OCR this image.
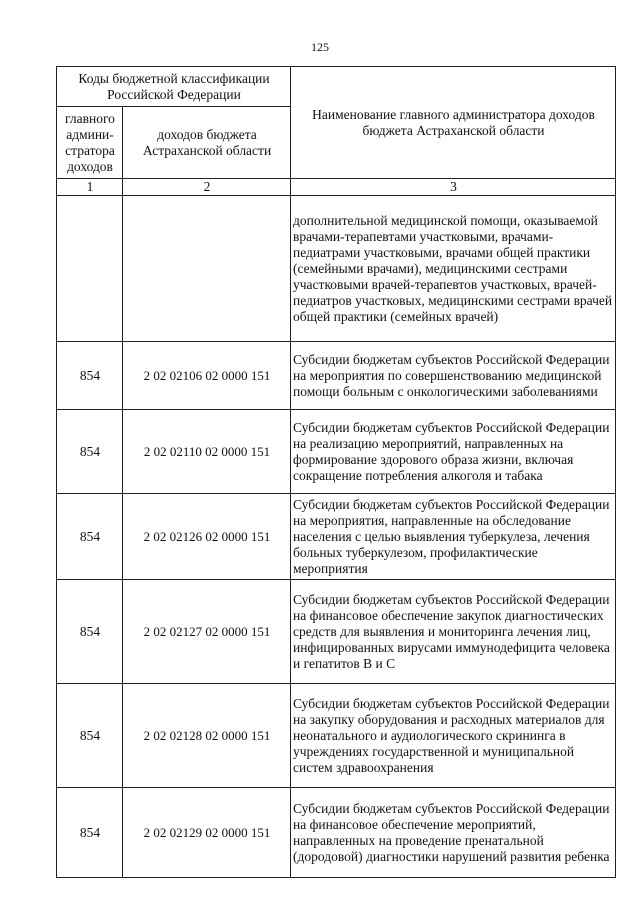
125
Коды бюджетной классификации Российской Федерации		Наименование главного администратора доходов бюджета Астраханской области
главного админи-стратора доходов	доходов бюджета Астраханской области	
1	2	3
		дополнительной медицинской помощи, оказываемой врачами-терапевтами участковыми, врачами-педиатрами участковыми, врачами общей практики (семейными врачами), медицинскими сестрами участковыми врачей-терапевтов участковых, врачей-педиатров участковых, медицинскими сестрами врачей общей практики (семейных врачей)
854	2 02 02106 02 0000 151	Субсидии бюджетам субъектов Российской Федерации на мероприятия по совершенствованию медицинской помощи больным с онкологическими заболеваниями
854	2 02 02110 02 0000 151	Субсидии бюджетам субъектов Российской Федерации на реализацию мероприятий, направленных на формирование здорового образа жизни, включая сокращение потребления алкоголя и табака
854	2 02 02126 02 0000 151	Субсидии бюджетам субъектов Российской Федерации на мероприятия, направленные на обследование населения с целью выявления туберкулеза, лечения больных туберкулезом, профилактические мероприятия
854	2 02 02127 02 0000 151	Субсидии бюджетам субъектов Российской Федерации на финансовое обеспечение закупок диагностических средств для выявления и мониторинга лечения лиц, инфицированных вирусами иммунодефицита человека и гепатитов В и С
854	2 02 02128 02 0000 151	Субсидии бюджетам субъектов Российской Федерации на закупку оборудования и расходных материалов для неонатального и аудиологического скрининга в учреждениях государственной и муниципальной систем здравоохранения
854	2 02 02129 02 0000 151	Субсидии бюджетам субъектов Российской Федерации на финансовое обеспечение мероприятий, направленных на проведение пренатальной (дородовой) диагностики нарушений развития ребенка
